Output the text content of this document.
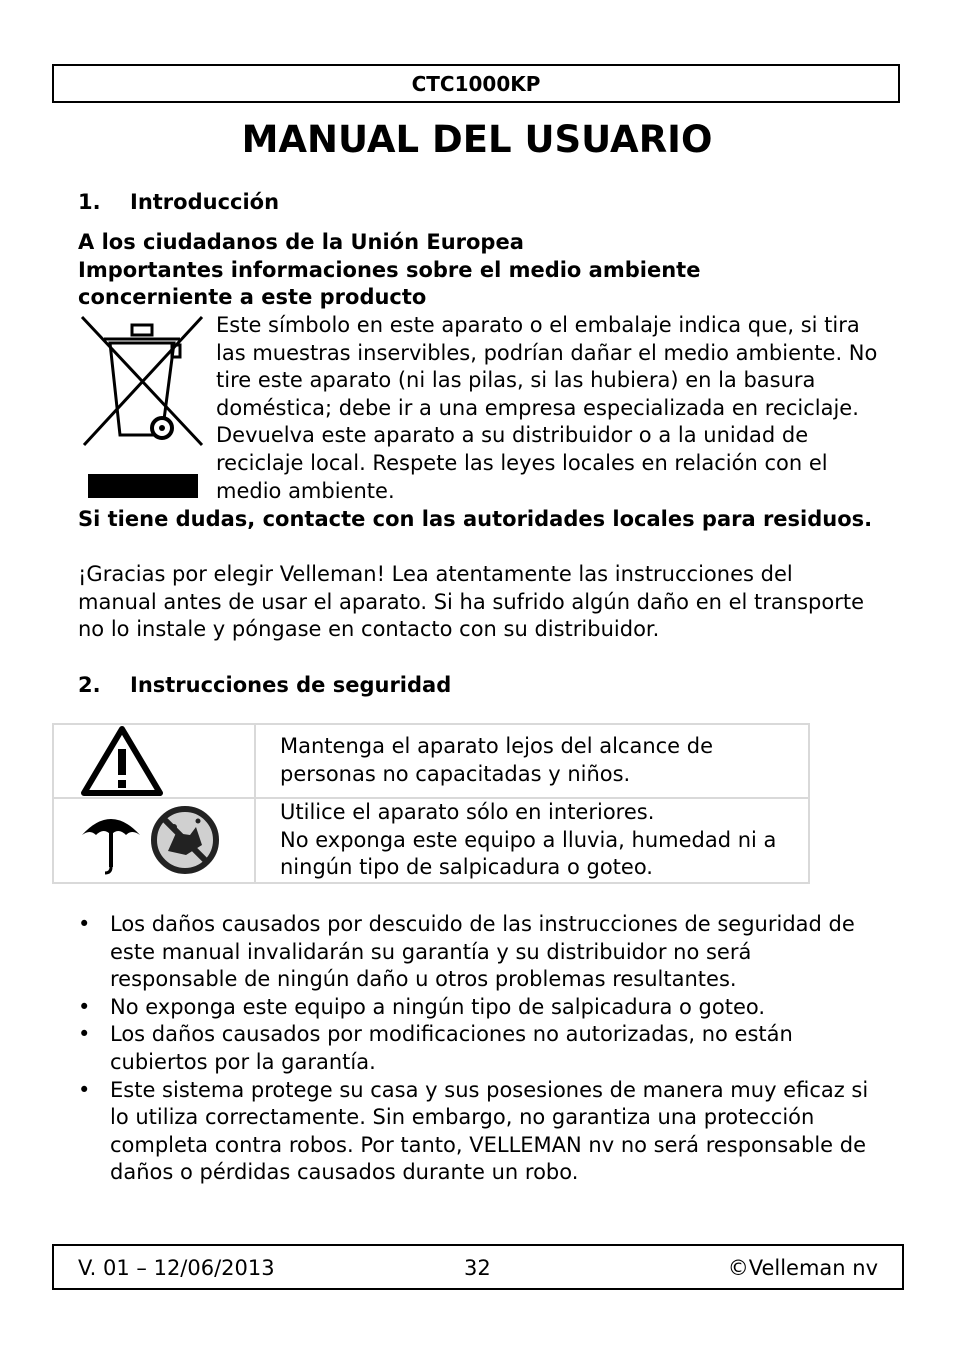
CTC1000KP
MANUAL DEL USUARIO
1. Introducción

A los ciudadanos de la Unión Europea

Importantes informaciones sobre el medio ambiente

concerniente a este producto

Este símbolo en este aparato o el embalaje indica que, si tira las muestras inservibles, podrían dañar el medio ambiente. No tire este aparato (ni las pilas, si las hubiera) en la basura doméstica; debe ir a una empresa especializada en reciclaje. Devuelva este aparato a su distribuidor o a la unidad de reciclaje local. Respete las leyes locales en relación con el medio ambiente.

Si tiene dudas, contacte con las autoridades locales para residuos.

¡Gracias por elegir Velleman! Lea atentamente las instrucciones del manual antes de usar el aparato. Si ha sufrido algún daño en el transporte no lo instale y póngase en contacto con su distribuidor.

2. Instrucciones de seguridad
	Mantenga el aparato lejos del alcance de personas no capacitadas y niños.

Utilice el aparato sólo en interiores.
No exponga este equipo a lluvia, humedad ni a ningún tipo de salpicadura o goteo.
• Los daños causados por descuido de las instrucciones de seguridad de este manual invalidarán su garantía y su distribuidor no será responsable de ningún daño u otros problemas resultantes.
• No exponga este equipo a ningún tipo de salpicadura o goteo.
• Los daños causados por modificaciones no autorizadas, no están cubiertos por la garantía.
• Este sistema protege su casa y sus posesiones de manera muy eficaz si lo utiliza correctamente. Sin embargo, no garantiza una protección completa contra robos. Por tanto, VELLEMAN nv no será responsable de daños o pérdidas causados durante un robo.
V. 01 – 12/06/2013	32	©Velleman nv
